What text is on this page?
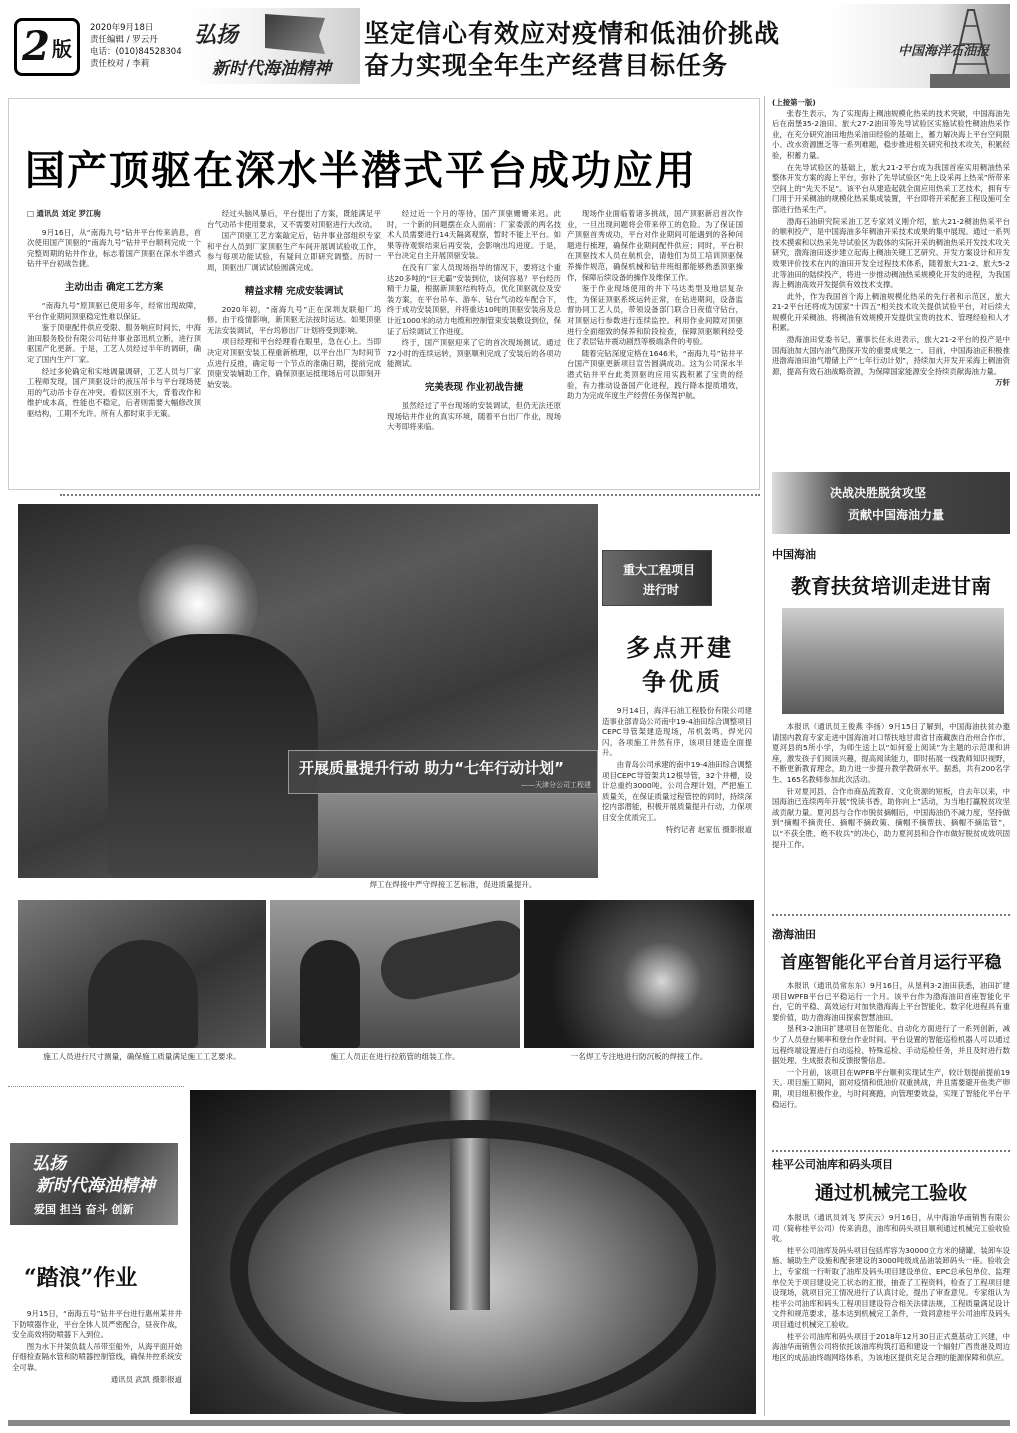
2 版
2020年9月18日
责任编辑 / 罗云丹
电话：(010)84528304
责任校对 / 李莉
弘扬
新时代海油精神
坚定信心有效应对疫情和低油价挑战
奋力实现全年生产经营目标任务	中国海洋石油报
国产顶驱在深水半潜式平台成功应用
□ 通讯员 刘定 罗江驹

9月16日，从“南海九号”钻井平台传来消息，首次使用国产顶驱的“南海九号”钻井平台顺利完成一个完整周期的钻井作业，标志着国产顶驱在深水半潜式钻井平台初战告捷。

主动出击 确定工艺方案

“南海九号”原顶驱已使用多年，经常出现故障，平台作业期间顶驱稳定性难以保证。

鉴于顶驱配件供应受限、服务响应时间长，中海油田服务股份有限公司钻井事业部迅机立断，进行顶驱国产化更新。于是，工艺人员经过半年的调研，确定了国内生产厂家。

经过多轮确定和实地调量调研，工艺人员与厂家工程师发现，国产顶驱设计的液压吊卡与平台现场使用的气动吊卡存在冲突。看似区别不大，背着改作和维护成本高，性能也不稳定，后者则需要大幅修改顶驱结构，工期不允许。所有人都时束手无策。

经过头脑风暴后，平台提出了方案，既能满足平台气动吊卡使用要求，又不需要对顶驱进行大改动。

国产顶驱工艺方案敲定后，钻井事业部组织专家和平台人员到厂家顶驱生产车间开展调试验收工作，参与每项功能试验，有疑问立即研究调整。历时一周，顶驱出厂调试试验圆满完成。

精益求精 完成安装调试

2020年初，“南海九号”正在深圳友联船厂坞修。由于疫情影响，新顶驱无法按时运达。如果顶驱无法安装调试，平台坞修出厂计划将受到影响。

项目经理和平台经理看在眼里，急在心上。当即决定对顶驱安装工程重新梳理，以平台出厂为时间节点进行反推，确定每一个节点的准确日期，提前完成顶驱安装辅助工作，确保顶驱运抵现场后可以即刻开始安装。

经过近一个月的等待，国产顶驱姗姗来迟。此时，一个新的问题摆在众人面前：厂家委派的两名技术人员需要进行14天隔离观察，暂时不能上平台。如果等待观察结束后再安装，会影响出坞进度。于是，平台决定自主开展顶驱安装。

在没有厂家人员现场指导的情况下，要将这个重达20多吨的“巨无霸”安装到位，谈何容易？平台经历精干力量，根据新顶驱结构特点，优化顶驱就位及安装方案，在平台吊车、游车、钻台气动绞车配合下，终于成功安装顶驱，并将重达10吨的顶驱安装房及总计近1000米的动力电缆和控制管束安装敷设到位，保证了后续调试工作进度。

终于，国产顶驱迎来了它的首次现场测试。通过72小时的连续运转，顶驱顺利完成了安装后的各项功能测试。

完美表现 作业初战告捷

虽然经过了平台现场的安装调试，但仍无法还原现场钻井作业的真实环境，随着平台出厂作业，现场大考即将来临。

现场作业面临着诸多挑战，国产顶驱新启首次作业，一旦出现问题将会带来停工的危险。为了保证国产顶驱首秀成功，平台对作业期间可能遇到的各种问题进行梳理，确保作业期间配件供应；同时，平台积在顶驱技术人员在航机会，请他们为员工培训顶驱保养操作规范，确保机械和钻井班组都能够熟悉顶驱操作，保障后续设备的操作及维保工作。

鉴于作业现场使用的井下马达类型及地层复杂性，为保证顶驱系统运转正常，在钻进期间，设备监督协同工艺人员，带领设备部门联合日夜值守钻台，对顶驱运行参数进行连续监控。利用作业间隙对顶驱进行全面细致的保养和阶段检查，保障顶驱顺利经受住了表层钻井震动剧烈等极端条件的考验。

随着完钻深度定格在1646米，“南海九号”钻井平台国产顶驱更新项目宣告圆满成功。这为公司深水半潜式钻井平台此类顶驱的应用实践积累了宝贵的经验，有力推动设备国产化进程，践行降本提质增效，助力为完成年度生产经营任务保驾护航。

开展质量提升行动 助力“七年行动计划”
——天津分公司工程建
焊工在焊接中严守焊接工艺标准，促进质量提升。
重大工程项目
进行时
多点开建
争优质

9月14日，海洋石油工程股份有限公司建造事业部青岛公司南中19-4油田综合调整项目CEPC导管架建造现场，吊机轰鸣、焊光闪闪，各项施工井然有序，该项目建造全面提升。

由青岛公司承建的南中19-4油田综合调整项目CEPC导管架共12根导管，32个井槽，设计总重约3000吨。公司合理计划，严把施工质量关，在保证质量过程管控的同时，持续深挖内部潜能，积极开展质量提升行动，力保项目安全优质完工。

特约记者 赵家伍 摄影报道
施工人员进行尺寸测量，确保施工质量满足施工工艺要求。	施工人员正在进行拉筋管的组装工作。	一名焊工专注地进行防沉板的焊接工作。
弘扬
新时代海油精神
爱国 担当 奋斗 创新
“踏浪”作业

9月15日，“南海五号”钻井平台进行惠州某井井下防喷器作业，平台全体人员严密配合，昼夜作战，安全高效将防喷器下入到位。

图为水下井架负载人吊带至船外，从海平面开始仔细检查隔水管和防喷器控制管线，确保井控系统安全可靠。

通讯员 武凯 摄影报道
(上接第一版)

张春生表示，为了实现海上稠油规模化热采的技术突破，中国海油先后在南堡35-2油田、旅大27-2油田等先导试验区实施试验性稠油热采作业，在充分研究油田地热采油田经验的基础上，蓄力解决海上平台空间限小、改水资源匮乏等一系列难题，稳步推进相关研究和技术攻关，积累经验，积蓄力量。

在先导试验区的基础上，旅大21-2平台成为我国首座实用稠油热采整体开发方案的海上平台，弥补了先导试验区“先上设采再上热采”所带来空间上的“先天不足”。该平台从建造起就全面应用热采工艺技术，拥有专门用于开采稠油的规模化热采集成装置，平台即将开采配套工程设施可全部进行热采生产。

渤海石油研究院采油工艺专家刘义刚介绍，旅大21-2稠油热采平台的顺利投产，是中国海油多年稠油开采技术成果的集中展现。通过一系列技术摸索和以热采先导试验区为载体的实际开采的稠油热采开发技术攻关研究，渤海油田逐步建立起海上稠油关键工艺研究、开发方案设计和开发效果评价技术在内的油田开发全过程技术体系，随着旅大21-2、旅大5-2北等油田的陆续投产，将进一步推动稠油热采规模化开发的进程，为我国海上稠油高效开发提供有效技术支撑。

此外，作为我国首个海上稠油规模化热采的先行者和示范区，旅大21-2平台还将成为国家“十四五”相关技术攻关提供试验平台，对后续大规模化开采稠油、将稠油有效规模开发提供宝贵的技术、管理经验和人才积累。

渤海油田党委书记、董事长任永进表示，旅大21-2平台的投产是中国海油加大国内油气勘探开发的重要成果之一。目前，中国海油正积极推进渤海油田油气增储上产“七年行动计划”，持续加大开发开采海上稠油资源，提高有效石油战略资源，为保障国家能源安全持续贡献海油力量。

万轩
决战决胜脱贫攻坚
贡献中国海油力量
中国海油
教育扶贫培训走进甘南

本报讯（通讯员王俊燕 李扬）9月15日了解到，中国海油扶贫办邀请国内教育专家走进中国海油对口帮扶地甘肃省甘南藏族自治州合作市、夏河县的5所小学，为师生送上以“如何爱上阅读”为主题的示范课和讲座，激发孩子们阅读兴趣，提高阅读能力，即时拓展一线教师知识视野，不断更新教育理念，助力进一步提升教学教研水平。据悉，共有200名学生、165名教师参加此次活动。

针对夏河县、合作市商品流教育、文化资源的短板，自去年以来，中国海油已连续两年开展“悦读书香，助你向上”活动，为当地打赢脱贫攻坚战贡献力量。夏河县与合作市脱贫摘帽后，中国海油仍不减力度，坚持做到“摘帽不摘责任、摘帽不摘政策、摘帽不摘帮扶、摘帽不摘监管”，以“不获全胜、绝不收兵”的决心，助力夏河县和合作市做好脱贫成效巩固提升工作。

渤海油田
首座智能化平台首月运行平稳

本报讯（通讯员常东东）9月16日，从垦利3-2油田获悉，油田扩建项目WPFB平台已平稳运行一个月。该平台作为渤海油田首座智能化平台，它的平稳、高效运行对加快渤海海上平台智能化、数字化进程具有重要价值，助力渤海油田探索智慧油田。

垦利3-2油田扩建项目在智能化、自动化方面进行了一系列创新，减少了人员登台频率和登台作业时间。平台设置的智能巡检机器人可以通过远程终端设置进行自动巡检、特殊巡检、手动巡检任务，并且及时进行数据处理、生成报表和反馈报警信息。

一个月前，该项目在WPFB平台顺利实现试生产，较计划提前提前19天。项目施工期间，面对疫情和低油价双重挑战，并且需要避开鱼类产卵期，项目组积极作业，与时间赛跑，向管理要效益，实现了智能化平台平稳运行。

桂平公司油库和码头项目
通过机械完工验收

本报讯（通讯员刘飞 罗庆云）9月16日，从中海油华南销售有限公司（简称桂平公司）传来消息，油库和码头项目顺利通过机械完工验收验收。

桂平公司油库及码头项目包括库容为30000立方米的储罐、装卸车设施、辅助生产设施和配套建设的3000吨级成品油装卸码头一座。验收会上，专家组一行听取了油库及码头项目建设单位、EPC总承包单位、监理单位关于项目建设完工状态的汇报，抽查了工程资料，检查了工程项目建设现场，就项目完工情况进行了认真讨论，提出了审查意见。专家组认为桂平公司油库和码头工程项目建设符合相关法律法规，工程质量满足设计文件和规范要求，基本达到机械完工条件，一致同意桂平公司油库及码头项目通过机械完工验收。

桂平公司油库和码头项目于2018年12月30日正式奠基动工兴建，中海油华南销售公司将依托该油库构筑打造和建设一个辐射广西贵港及周边地区的成品油终端网络体系，为该地区提供充足合理的能源保障和供应。
